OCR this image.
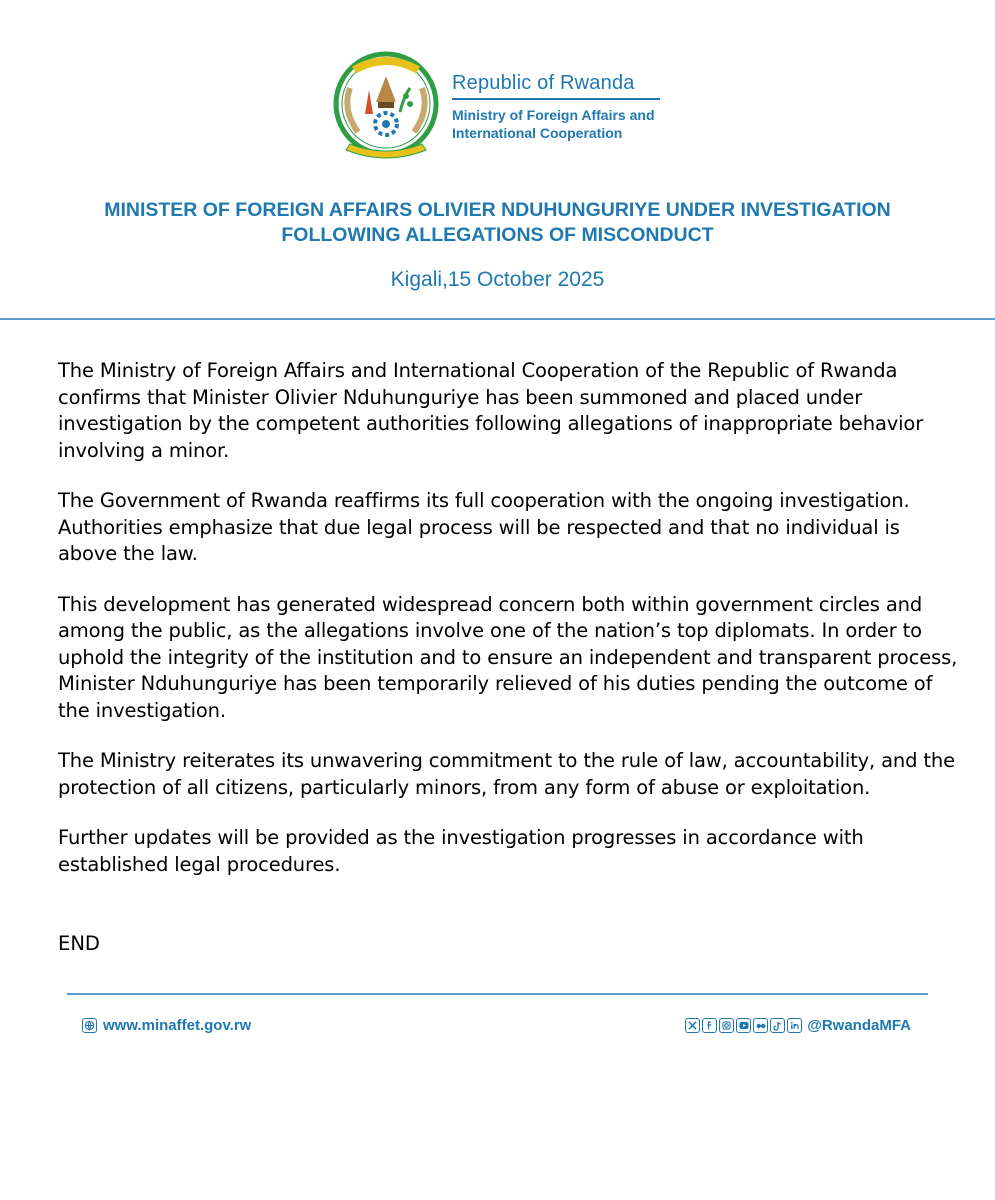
Republic of Rwanda
Ministry of Foreign Affairs and
International Cooperation
MINISTER OF FOREIGN AFFAIRS OLIVIER NDUHUNGURIYE UNDER INVESTIGATION
FOLLOWING ALLEGATIONS OF MISCONDUCT
Kigali,15 October 2025

The Ministry of Foreign Affairs and International Cooperation of the Republic of Rwanda confirms that Minister Olivier Nduhunguriye has been summoned and placed under investigation by the competent authorities following allegations of inappropriate behavior involving a minor.

The Government of Rwanda reaffirms its full cooperation with the ongoing investigation. Authorities emphasize that due legal process will be respected and that no individual is above the law.

This development has generated widespread concern both within government circles and among the public, as the allegations involve one of the nation’s top diplomats. In order to uphold the integrity of the institution and to ensure an independent and transparent process, Minister Nduhunguriye has been temporarily relieved of his duties pending the outcome of the investigation.

The Ministry reiterates its unwavering commitment to the rule of law, accountability, and the protection of all citizens, particularly minors, from any form of abuse or exploitation.

Further updates will be provided as the investigation progresses in accordance with established legal procedures.

END
www.minaffet.gov.rw	@RwandaMFA
